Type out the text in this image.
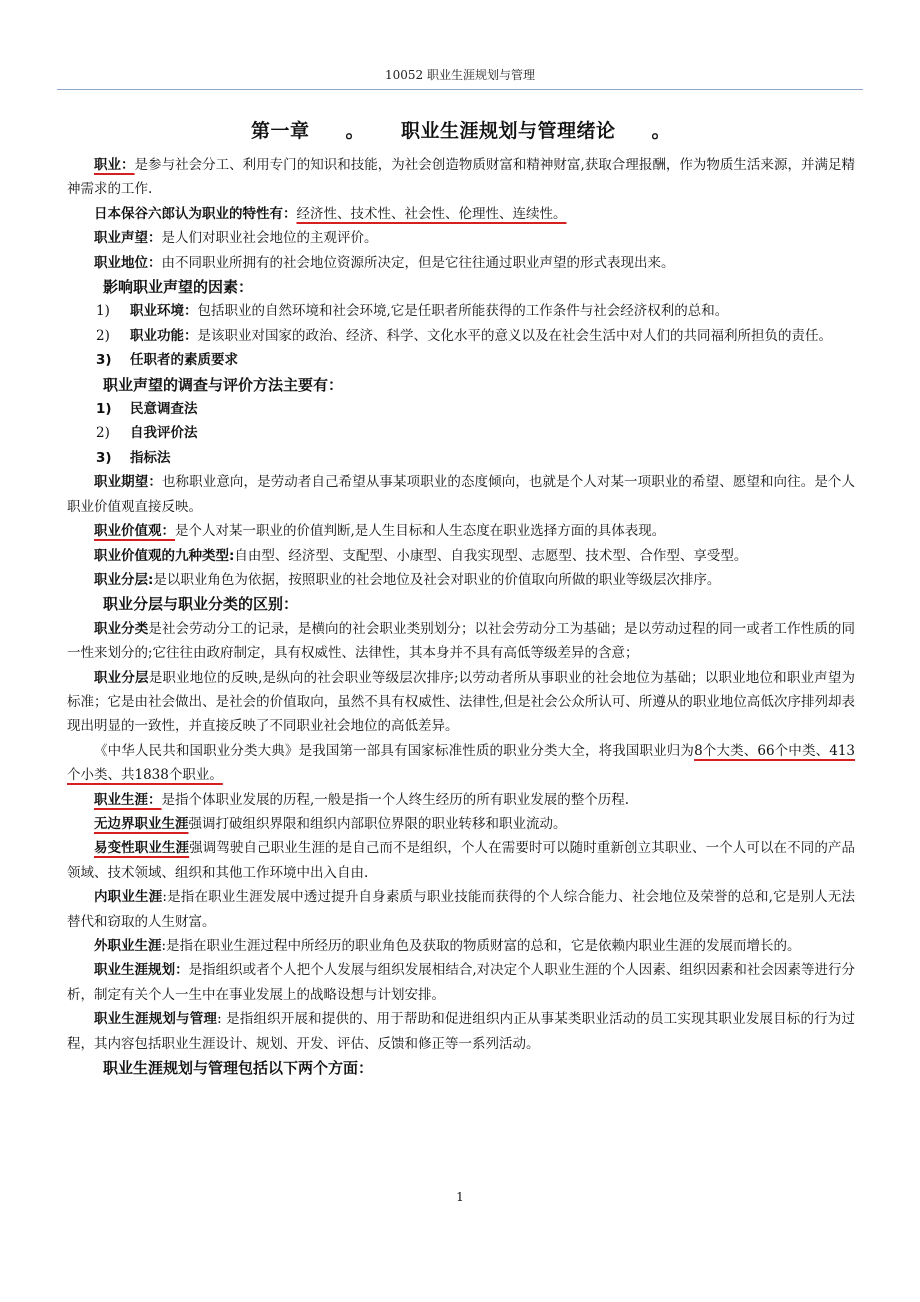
10052 职业生涯规划与管理
第一章 。 职业生涯规划与管理绪论 。

职业：是参与社会分工、利用专门的知识和技能，为社会创造物质财富和精神财富,获取合理报酬，作为物质生活来源，并满足精神需求的工作.

日本保谷六郎认为职业的特性有：经济性、技术性、社会性、伦理性、连续性。

职业声望：是人们对职业社会地位的主观评价。

职业地位：由不同职业所拥有的社会地位资源所决定，但是它往往通过职业声望的形式表现出来。

影响职业声望的因素：
1) 职业环境：包括职业的自然环境和社会环境,它是任职者所能获得的工作条件与社会经济权利的总和。

2) 职业功能：是该职业对国家的政治、经济、科学、文化水平的意义以及在社会生活中对人们的共同福利所担负的责任。

3) 任职者的素质要求
职业声望的调查与评价方法主要有：
1) 民意调查法
2) 自我评价法
3) 指标法

职业期望：也称职业意向，是劳动者自己希望从事某项职业的态度倾向，也就是个人对某一项职业的希望、愿望和向往。是个人职业价值观直接反映。

职业价值观：是个人对某一职业的价值判断,是人生目标和人生态度在职业选择方面的具体表现。

职业价值观的九种类型:自由型、经济型、支配型、小康型、自我实现型、志愿型、技术型、合作型、享受型。

职业分层:是以职业角色为依据，按照职业的社会地位及社会对职业的价值取向所做的职业等级层次排序。

职业分层与职业分类的区别：

职业分类是社会劳动分工的记录，是横向的社会职业类别划分；以社会劳动分工为基础；是以劳动过程的同一或者工作性质的同一性来划分的;它往往由政府制定，具有权威性、法律性，其本身并不具有高低等级差异的含意；

职业分层是职业地位的反映,是纵向的社会职业等级层次排序;以劳动者所从事职业的社会地位为基础；以职业地位和职业声望为标准；它是由社会做出、是社会的价值取向，虽然不具有权威性、法律性,但是社会公众所认可、所遵从的职业地位高低次序排列却表现出明显的一致性，并直接反映了不同职业社会地位的高低差异。

《中华人民共和国职业分类大典》是我国第一部具有国家标准性质的职业分类大全，将我国职业归为8个大类、66个中类、413个小类、共1838个职业。

职业生涯：是指个体职业发展的历程,一般是指一个人终生经历的所有职业发展的整个历程.

无边界职业生涯强调打破组织界限和组织内部职位界限的职业转移和职业流动。

易变性职业生涯强调驾驶自己职业生涯的是自己而不是组织，个人在需要时可以随时重新创立其职业、一个人可以在不同的产品领域、技术领域、组织和其他工作环境中出入自由.

内职业生涯:是指在职业生涯发展中透过提升自身素质与职业技能而获得的个人综合能力、社会地位及荣誉的总和,它是别人无法替代和窃取的人生财富。

外职业生涯:是指在职业生涯过程中所经历的职业角色及获取的物质财富的总和，它是依赖内职业生涯的发展而增长的。

职业生涯规划：是指组织或者个人把个人发展与组织发展相结合,对决定个人职业生涯的个人因素、组织因素和社会因素等进行分析，制定有关个人一生中在事业发展上的战略设想与计划安排。

职业生涯规划与管理: 是指组织开展和提供的、用于帮助和促进组织内正从事某类职业活动的员工实现其职业发展目标的行为过程，其内容包括职业生涯设计、规划、开发、评估、反馈和修正等一系列活动。

职业生涯规划与管理包括以下两个方面：
1
